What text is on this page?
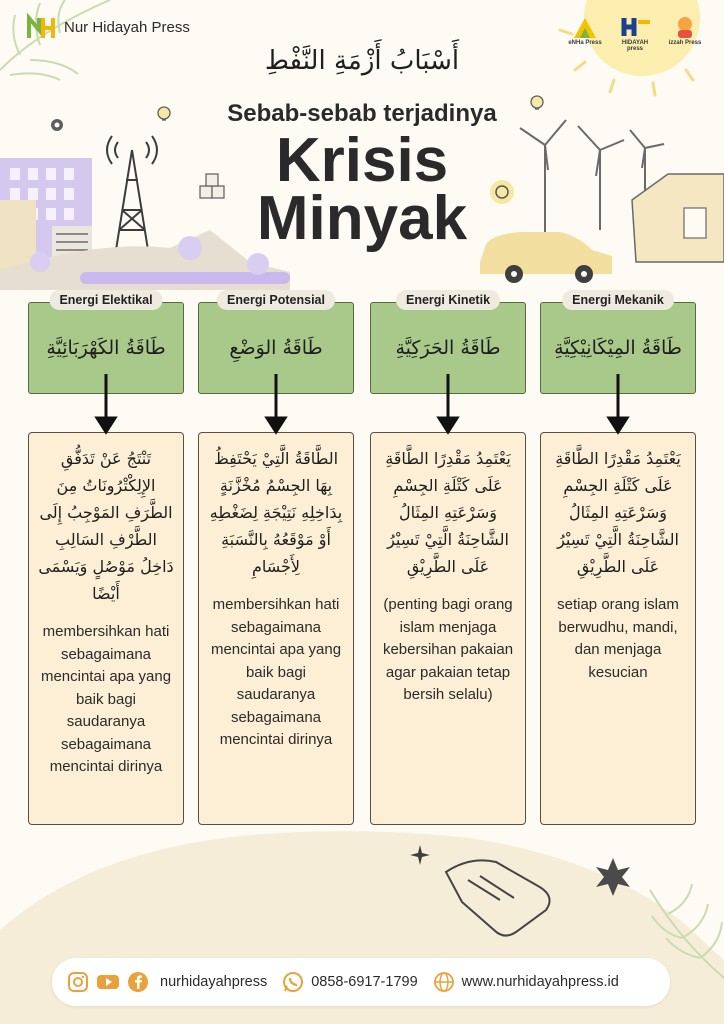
Nur Hidayah Press
eNHa Press	HIDAYAH press
izzah Press
أَسْبَابُ أَزْمَةِ النَّفْطِ
Sebab-sebab terjadinya
Krisis
Minyak
Energi Elektikal
طَاقَةُ الكَهْرَبَائِيَّةِ
تَنْتَجُ عَنْ تَدَفُّقِ الإِلِكْتْرُونَاتُ مِنَ الطَّرَفِ المَوْجِبُ إِلَى الطَّرْفِ السَالِبِ دَاخِلُ مَوْصُلٍ وَيَسْمَى أَيْضًا
membersihkan hati sebagaimana mencintai apa yang baik bagi saudaranya sebagaimana mencintai dirinya
Energi Potensial
طَاقَةُ الوَضْعِ
الطَّاقَةُ الَّتِيْ يَحْتَفِظُ بِهَا الجِسْمُ مُخْزَّنَةٍ بِدَاخِلِهِ نَتِيْجَةِ لِضَغْطِهِ أَوْ مَوْقَعُهُ بِالنَّسَبَةِ لِأَجْسَامِ
membersihkan hati sebagaimana mencintai apa yang baik bagi saudaranya sebagaimana mencintai dirinya
Energi Kinetik
طَاقَةُ الحَرَكِيَّةِ
يَعْتَمِدُ مَقْدِرًا الطَّاقَةِ عَلَى كَتْلَةِ الجِسْمِ وَسَرْعَتِهِ المِثَالُ الشَّاحِنَةُ الَّتِيْ تَسِيْرُ عَلَى الطَّرِيْقِ
(penting bagi orang islam menjaga kebersihan pakaian agar pakaian tetap bersih selalu)
Energi Mekanik
طَاقَةُ المِيْكَانِيْكِيَّةِ
يَعْتَمِدُ مَقْدِرًا الطَّاقَةِ عَلَى كَتْلَةِ الجِسْمِ وَسَرْعَتِهِ المِثَالُ الشَّاحِنَةُ الَّتِيْ تَسِيْرُ عَلَى الطَّرِيْقِ
setiap orang islam berwudhu, mandi, dan menjaga kesucian
nurhidayahpress	0858-6917-1799	www.nurhidayahpress.id
